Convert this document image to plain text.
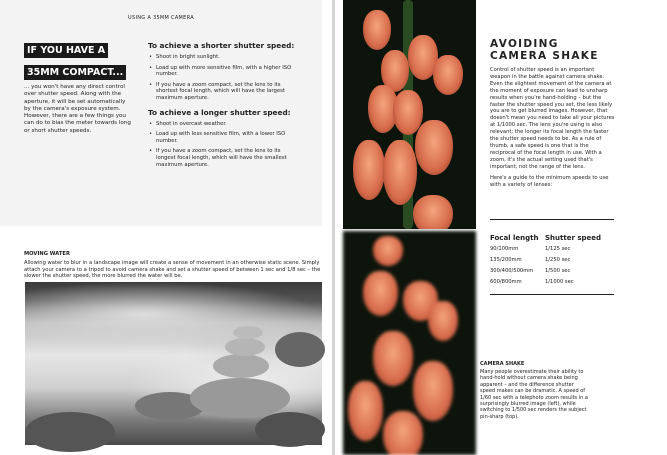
USING A 35MM CAMERA
IF YOU HAVE A
35MM COMPACT...

... you won't have any direct control over shutter speed. Along with the aperture, it will be set automatically by the camera's exposure system. However, there are a few things you can do to bias the meter towards long or short shutter speeds.

To achieve a shorter shutter speed:
• Shoot in bright sunlight.
• Load up with more sensitive film, with a higher ISO number.
• If you have a zoom compact, set the lens to its shortest focal length, which will have the largest maximum aperture.
To achieve a longer shutter speed:
• Shoot in overcast weather.
• Load up with less sensitive film, with a lower ISO number.
• If you have a zoom compact, set the lens to its longest focal length, which will have the smallest maximum aperture.
MOVING WATER

Allowing water to blur in a landscape image will create a sense of movement in an otherwise static scene. Simply attach your camera to a tripod to avoid camera shake and set a shutter speed of between 1 sec and 1/8 sec – the slower the shutter speed, the more blurred the water will be.

AVOIDING
CAMERA SHAKE

Control of shutter speed is an important weapon in the battle against camera shake. Even the slightest movement of the camera at the moment of exposure can lead to unsharp results when you're hand-holding – but the faster the shutter speed you set, the less likely you are to get blurred images. However, that doesn't mean you need to take all your pictures at 1/1000 sec. The lens you're using is also relevant; the longer its focal length the faster the shutter speed needs to be. As a rule of thumb, a safe speed is one that is the reciprocal of the focal length in use. With a zoom, it's the actual setting used that's important, not the range of the lens.

Here's a guide to the minimum speeds to use with a variety of lenses:

Focal length Shutter speed
90/100mm	1/125 sec
135/200mm	1/250 sec
300/400/500mm	1/500 sec
600/800mm	1/1000 sec
CAMERA SHAKE

Many people overestimate their ability to hand-hold without camera shake being apparent – and the difference shutter speed makes can be dramatic. A speed of 1/60 sec with a telephoto zoom results in a surprisingly blurred image (left), while switching to 1/500 sec renders the subject pin-sharp (top).
